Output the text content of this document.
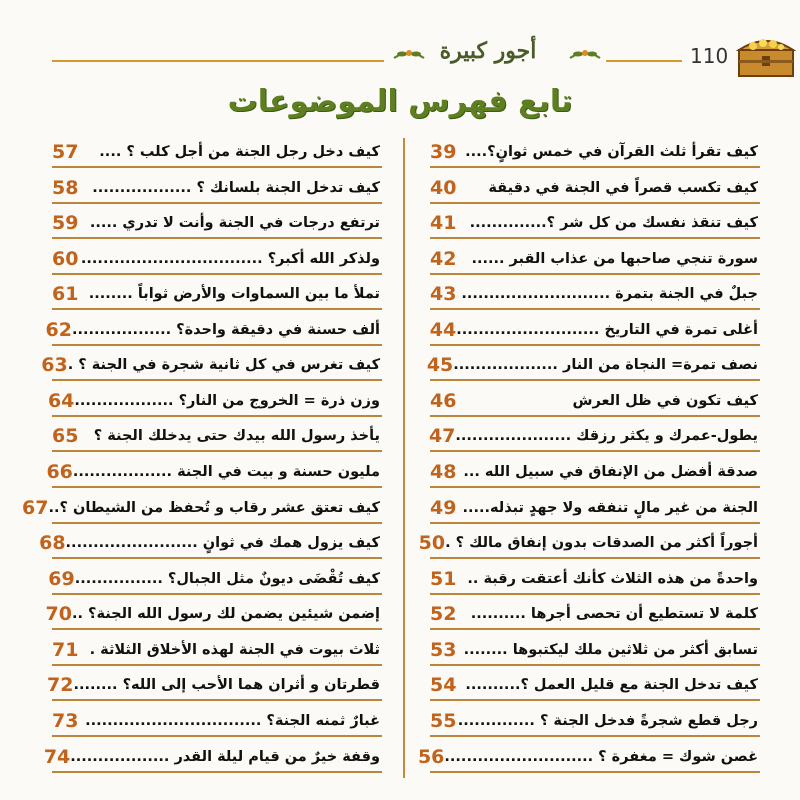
110
أجور كبيرة
تابع فهرس الموضوعات
كيف تقرأ ثلث القرآن في خمس ثوانٍ؟....
39
كيف تكسب قصراً في الجنة في دقيقة
40
كيف تنقذ نفسك من كل شر ؟..............
41
سورة تنجي صاحبها من عذاب القبر ......
42
جبلٌ في الجنة بتمرة ...........................
43
أغلى تمرة في التاريخ ..........................
44
نصف تمرة= النجاة من النار ...................
45
كيف تكون في ظل العرش
46
يطول-عمرك و يكثر رزقك .....................
47
صدقة أفضل من الإنفاق في سبيل الله ...
48
الجنة من غير مالٍ تنفقه ولا جهدٍ تبذله.....
49
أجوراً أكثر من الصدقات بدون إنفاق مالك ؟ .
50
واحدةً من هذه الثلاث كأنك أعتقت رقبة ..
51
كلمة لا تستطيع أن تحصى أجرها ..........
52
تسابق أكثر من ثلاثين ملك ليكتبوها ........
53
كيف تدخل الجنة مع قليل العمل ؟..........
54
رجل قطع شجرةً فدخل الجنة ؟ ..............
55
غصن شوك = مغفرة ؟ ...........................
56
كيف دخل رجل الجنة من أجل كلب ؟ ....
57
كيف تدخل الجنة بلسانك ؟ ..................
58
ترتفع درجات في الجنة وأنت لا تدري .....
59
ولذكر الله أكبر؟ .................................
60
تملأ ما بين السماوات والأرض ثواباً ........
61
ألف حسنة في دقيقة واحدة؟ ..................
62
كيف تغرس في كل ثانية شجرة في الجنة ؟ .
63
وزن ذرة = الخروج من النار؟ ..................
64
يأخذ رسول الله بيدك حتى يدخلك الجنة ؟
65
مليون حسنة و بيت في الجنة ..................
66
كيف تعتق عشر رقاب و تُحفظ من الشيطان ؟..
67
كيف يزول همك في ثوانٍ ........................
68
كيف تُقْضَى ديونٌ مثل الجبال؟ ................
69
إضمن شيئين يضمن لك رسول الله الجنة؟ ..
70
ثلاث بيوت في الجنة لهذه الأخلاق الثلاثة .
71
قطرتان و أثران هما الأحب إلى الله؟ ........
72
غبارٌ ثمنه الجنة؟ ................................
73
وقفة خيرٌ من قيام ليلة القدر ..................
74
